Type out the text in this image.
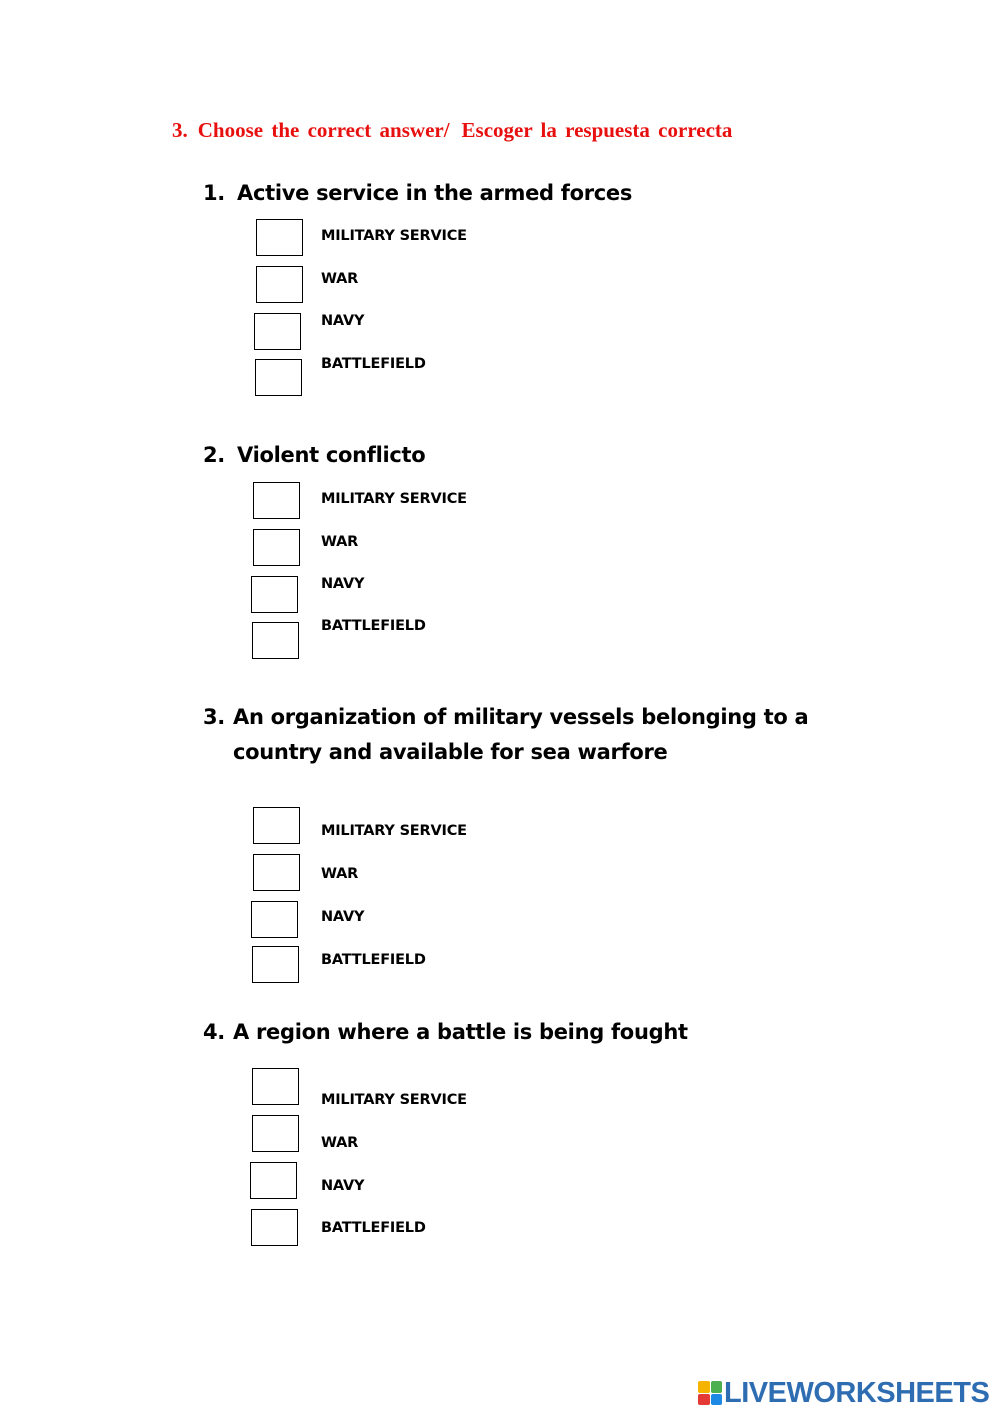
3. Choose the correct answer/ Escoger la respuesta correcta
1. Active service in the armed forces
MILITARY SERVICE
WAR
NAVY
BATTLEFIELD
2. Violent conflicto
MILITARY SERVICE
WAR
NAVY
BATTLEFIELD
3. An organization of military vessels belonging to a country and available for sea warfore
MILITARY SERVICE
WAR
NAVY
BATTLEFIELD
4. A region where a battle is being fought
MILITARY SERVICE
WAR
NAVY
BATTLEFIELD
LIVEWORKSHEETS
